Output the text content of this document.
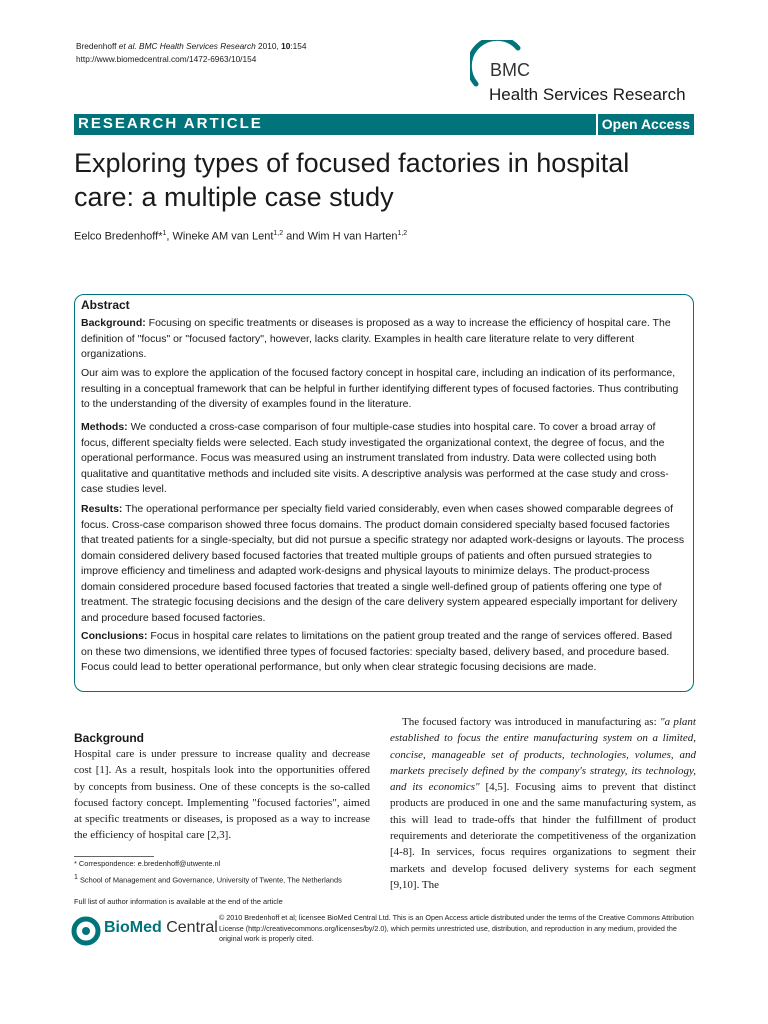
Bredenhoff et al. BMC Health Services Research 2010, 10:154
http://www.biomedcentral.com/1472-6963/10/154
BMC
Health Services Research
RESEARCH ARTICLE	Open Access
Exploring types of focused factories in hospital care: a multiple case study
Eelco Bredenhoff*$^1$, Wineke AM van Lent$^{1,2}$ and Wim H van Harten$^{1,2}$
Abstract

Background: Focusing on specific treatments or diseases is proposed as a way to increase the efficiency of hospital care. The definition of "focus" or "focused factory", however, lacks clarity. Examples in health care literature relate to very different organizations.

Our aim was to explore the application of the focused factory concept in hospital care, including an indication of its performance, resulting in a conceptual framework that can be helpful in further identifying different types of focused factories. Thus contributing to the understanding of the diversity of examples found in the literature.

Methods: We conducted a cross-case comparison of four multiple-case studies into hospital care. To cover a broad array of focus, different specialty fields were selected. Each study investigated the organizational context, the degree of focus, and the operational performance. Focus was measured using an instrument translated from industry. Data were collected using both qualitative and quantitative methods and included site visits. A descriptive analysis was performed at the case study and cross-case studies level.

Results: The operational performance per specialty field varied considerably, even when cases showed comparable degrees of focus. Cross-case comparison showed three focus domains. The product domain considered specialty based focused factories that treated patients for a single-specialty, but did not pursue a specific strategy nor adapted work-designs or layouts. The process domain considered delivery based focused factories that treated multiple groups of patients and often pursued strategies to improve efficiency and timeliness and adapted work-designs and physical layouts to minimize delays. The product-process domain considered procedure based focused factories that treated a single well-defined group of patients offering one type of treatment. The strategic focusing decisions and the design of the care delivery system appeared especially important for delivery and procedure based focused factories.

Conclusions: Focus in hospital care relates to limitations on the patient group treated and the range of services offered. Based on these two dimensions, we identified three types of focused factories: specialty based, delivery based, and procedure based. Focus could lead to better operational performance, but only when clear strategic focusing decisions are made.

Background
Hospital care is under pressure to increase quality and decrease cost [1]. As a result, hospitals look into the opportunities offered by concepts from business. One of these concepts is the so-called focused factory concept. Implementing "focused factories", aimed at specific treatments or diseases, is proposed as a way to increase the efficiency of hospital care [2,3].

The focused factory was introduced in manufacturing as: "a plant established to focus the entire manufacturing system on a limited, concise, manageable set of products, technologies, volumes, and markets precisely defined by the company's strategy, its technology, and its economics" [4,5]. Focusing aims to prevent that distinct products are produced in one and the same manufacturing system, as this will lead to trade-offs that hinder the fulfillment of product requirements and deteriorate the competitiveness of the organization [4-8]. In services, focus requires organizations to segment their markets and develop focused delivery systems for each segment [9,10]. The

* Correspondence: e.bredenhoff@utwente.nl
$^1$ School of Management and Governance, University of Twente, The Netherlands
Full list of author information is available at the end of the article
BioMed Central
© 2010 Bredenhoff et al; licensee BioMed Central Ltd. This is an Open Access article distributed under the terms of the Creative Commons Attribution License (http://creativecommons.org/licenses/by/2.0), which permits unrestricted use, distribution, and reproduction in any medium, provided the original work is properly cited.
